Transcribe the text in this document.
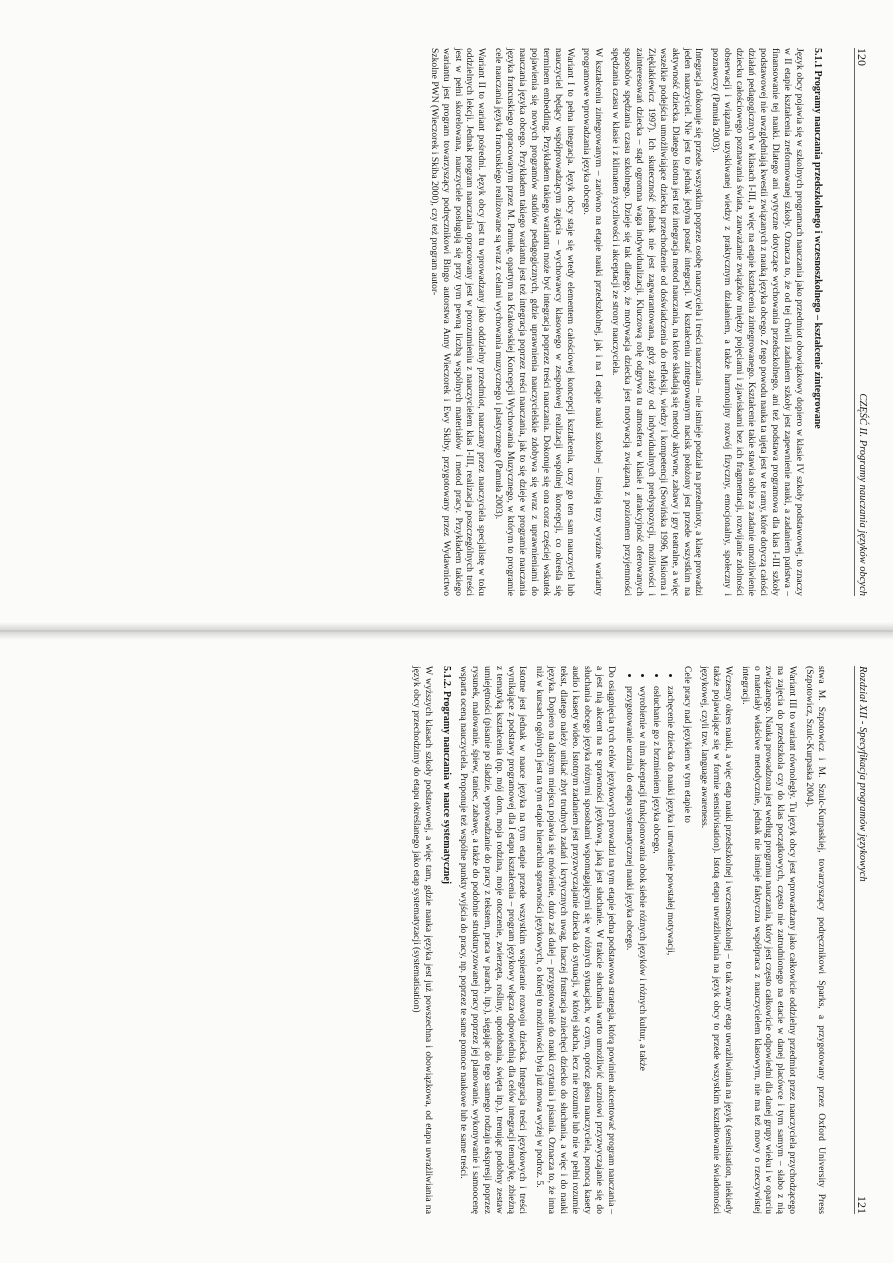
120
CZĘŚĆ II. Programy nauczania języków obcych
5.1.1 Programy nauczania przedszkolnego i wczesnoszkolnego – kształcenie zintegrowane

Język obcy pojawia się w szkolnych programach nauczania jako przedmiot obowiązkowy dopiero w klasie IV szkoły podstawowej, to znaczy w II etapie kształcenia zreformowanej szkoły. Oznacza to, że od tej chwili zadaniem szkoły jest zapewnienie nauki, a zadaniem państwa – finansowanie tej nauki. Dlatego ani wytyczne dotyczące wychowania przedszkolnego, ani też podstawa programowa dla klas I-III szkoły podstawowej nie uwzględniają kwestii związanych z nauką języka obcego. Z tego powodu nauka ta ujęta jest w te ramy, które dotyczą całości działań pedagogicznych w klasach I-III, a więc na etapie kształcenia zintegrowanego. Kształcenie takie stawia sobie za zadanie umożliwienie dziecku całościowego poznawania świata, zauważanie związków między pojęciami i zjawiskami bez ich fragmentacji, rozwijanie zdolności obserwacji i wiązania uzyskiwanej wiedzy z praktycznym działaniem, a także harmonijny rozwój fizyczny, emocjonalny, społeczny i poznawczy (Pamuła 2003).

Integracja dokonuje się przede wszystkim poprzez osobę nauczyciela i treści nauczania – nie istnieje podział na przedmioty, a klasę prowadzi jeden nauczyciel. Nie jest to jednak jedyna postać integracji. W kształceniu zintegrowanym nacisk położony jest przede wszystkim na aktywność dziecka. Dlatego istotna jest też integracja metod nauczania, na które składają się metody aktywne, zabawy i gry teatralne, a więc wszelkie podejścia umożliwiające dziecku przechodzenie od doświadczenia do refleksji, wiedzy i kompetencji (Sowińska 1996, Misiorna i Zięklakiewicz 1997). Ich skuteczność jednak nie jest zagwarantowana, gdyż zależy od indywidualnych predyspozycji, możliwości i zainteresowań dziecka – stąd ogromna waga indywidualizacji. Kluczową rolę odgrywa tu atmosfera w klasie i atrakcyjność oferowanych sposobów spędzania czasu szkolnego. Dzieje się tak dlatego, że motywacja dziecka jest motywacją związaną z poziomem przyjemności spędzania czasu w klasie i z klimatem życzliwości i akceptacji ze strony nauczyciela.

W kształceniu zintegrowanym – zarówno na etapie nauki przedszkolnej, jak i na I etapie nauki szkolnej – istnieją trzy wyraźne warianty programowe wprowadzania języka obcego.

Wariant I to pełna integracja. Język obcy staje się wtedy elementem całościowej koncepcji kształcenia, uczy go ten sam nauczyciel lub nauczyciel będący współprowadzącym zajęcia – wychowawcy klasowego w zespołowej realizacji wspólnej koncepcji, co określa się terminem embedding. Przykładem takiego wariantu może być integracja poprzez treści nauczania. Dokonuje się ona coraz częściej wskutek pojawienia się nowych programów studiów pedagogicznych, gdzie uprawnienia nauczycielskie zdobywa się wraz z uprawnieniami do nauczania języka obcego. Przykładem takiego wariantu jest też integracja poprzez treści nauczania, jak to się dzieje w programie nauczania języka francuskiego opracowanym przez M. Pamułę, opartym na Krakowskiej Koncepcji Wychowania Muzycznego, w którym to programie cele nauczania języka francuskiego realizowane są wraz z celami wychowania muzycznego i plastycznego (Pamuła 2003).

Wariant II to wariant pośredni. Język obcy jest tu wprowadzany jako oddzielny przedmiot, nauczany przez nauczyciela specjalistę w toku oddzielnych lekcji. Jednak program nauczania opracowany jest w porozumieniu z nauczycielem klas I-III, realizacja poszczególnych treści jest w pełni skorelowana, nauczyciele posługują się przy tym pewną liczbą wspólnych materiałów i metod pracy. Przykładem takiego wariantu jest program towarzyszący podręcznikowi Bingo autorstwa Anny Wieczorek i Ewy Skiby, przygotowany przez Wydawnictwo Szkolne PWN (Wieczorek i Skiba 2000), czy też program autor-

Rozdział XII - Specyfikacja programów językowych
121

stwa M. Szpotowicz i M. Szulc-Kurpaskiej, towarzyszący podręcznikowi Sparks, a przygotowany przez Oxford University Press (Szpotowicz, Szulc-Kurpaska 2004).

Wariant III to wariant równoległy. Tu język obcy jest wprowadzany jako całkowicie oddzielny przedmiot przez nauczyciela przychodzącego na zajęcia do przedszkola czy do klas początkowych, często nie zatrudnionego na etacie w danej placówce i tym samym – słabo z nią związanego. Nauka prowadzona jest według programu nauczania, który jest często całkowicie odpowiedni dla danej grupy wieku i w oparciu o materiały właściwe metodycznie, jednak nie istnieje faktyczna współpraca z nauczycielem klasowym, nie ma też mowy o rzeczywistej integracji.

Wczesny okres nauki, a więc etap nauki przedszkolnej i wczesnoszkolnej – to tak zwany etap uwrażliwiania na język (sensitisation, niekiedy także pojawiające się w formie sensitivisation). Istotą etapu uwrażliwiania na język obcy to przede wszystkim kształtowanie świadomości językowej, czyli tzw. language awareness.

Cele pracy nad językiem w tym etapie to

• zachęcenie dziecka do nauki języka i utrwalenie powstałej motywacji,
• osłuchanie go z brzmieniem języka obcego,
• wyrobienie w nim akceptacji funkcjonowania obok siebie różnych języków i różnych kultur, a także
• przygotowanie ucznia do etapu systematycznej nauki języka obcego.

Do osiągnięcia tych celów językowych prowadzi na tym etapie jedna podstawowa strategia, którą powinien akcentować program nauczania – a jest nią akcent na te sprawności językową, jaką jest słuchanie. W trakcie słuchania warto umożliwić uczniowi przyzwyczajanie się do słuchania obcego języka różnymi sposobami wspomagającymi się w różnych sytuacjach, w czym, oprócz głosu nauczyciela, pomocą kasety audio i kasety wideo. Istotnym zadaniem jest przyzwyczajanie dziecka do sytuacji, w której słucha, lecz nie rozumie lub nie w pełni rozumie tekst, dlatego należy unikać zbyt trudnych zadań i krytycznych uwag. Inaczej frustracja zniechęci dziecko do słuchania, a więc i do nauki języka. Dopiero na dalszym miejscu pojawia się mówienie, dużo zaś dalej – przygotowanie do nauki czytania i pisania. Oznacza to, że inna niż w kursach ogólnych jest na tym etapie hierarchia sprawności językowych, o której to możliwości była już mowa wyżej w podroz. 5.

Istotne jest jednak w nauce języka na tym etapie przede wszystkim wspieranie rozwoju dziecka. Integracja treści językowych i treści wynikające z podstawy programowej dla I etapu kształcenia – program językowy włącza odpowiednią dla celów integracji tematykę, zbieżną z tematyką kształcenia (np. mój dom, moja rodzina, moje otoczenie, zwierzęta, rośliny, upodobania, święta itp.), trenując podobny zestaw umiejętności (pisanie po śladzie, wprowadzanie do pracy z tekstem, praca w parach, itp.), sięgając do tego samego rodzaju ekspresji poprzez rysunek, malowanie, śpiew, taniec, zabawę, a także do podobnie strukturyzowanej pracy poprzez jej planowanie, wykonywanie i samoocenę wsparta oceną nauczyciela. Proponuje też wspólne punkty wyjścia do pracy, np. poprzez te same pomoce naukowe lub te same treści.

5.1.2. Programy nauczania w nauce systematycznej

W wyższych klasach szkoły podstawowej, a więc tam, gdzie nauka języka jest już powszechna i obowiązkowa, od etapu uwrażliwiania na język obcy przechodzimy do etapu określanego jako etap systematyzacji (systematisation)
